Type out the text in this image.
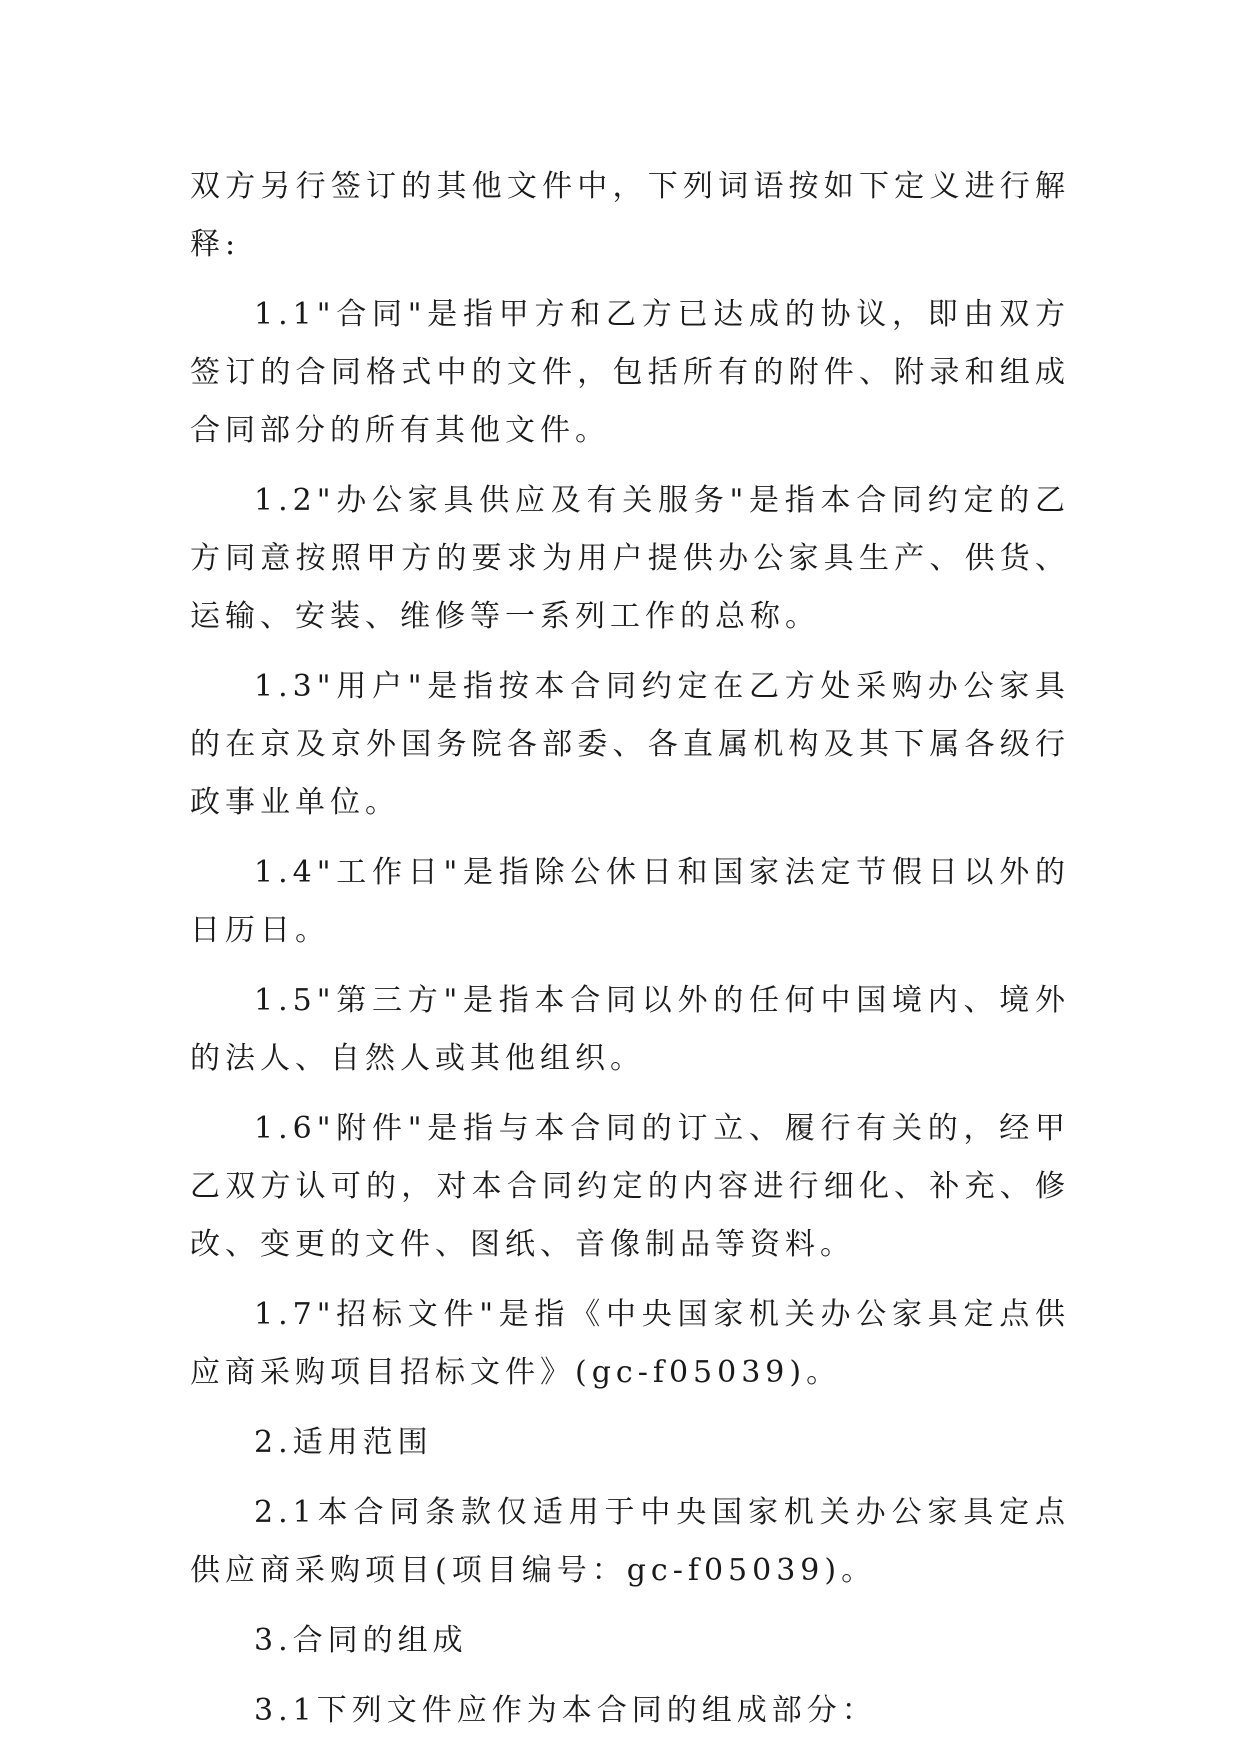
双方另行签订的其他文件中，下列词语按如下定义进行解释:

1.1"合同"是指甲方和乙方已达成的协议，即由双方签订的合同格式中的文件，包括所有的附件、附录和组成合同部分的所有其他文件。

1.2"办公家具供应及有关服务"是指本合同约定的乙方同意按照甲方的要求为用户提供办公家具生产、供货、运输、安装、维修等一系列工作的总称。

1.3"用户"是指按本合同约定在乙方处采购办公家具的在京及京外国务院各部委、各直属机构及其下属各级行政事业单位。

1.4"工作日"是指除公休日和国家法定节假日以外的日历日。

1.5"第三方"是指本合同以外的任何中国境内、境外的法人、自然人或其他组织。

1.6"附件"是指与本合同的订立、履行有关的，经甲乙双方认可的，对本合同约定的内容进行细化、补充、修改、变更的文件、图纸、音像制品等资料。

1.7"招标文件"是指《中央国家机关办公家具定点供应商采购项目招标文件》(gc-f05039)。

2.适用范围

2.1本合同条款仅适用于中央国家机关办公家具定点供应商采购项目(项目编号：gc-f05039)。

3.合同的组成

3.1下列文件应作为本合同的组成部分：
